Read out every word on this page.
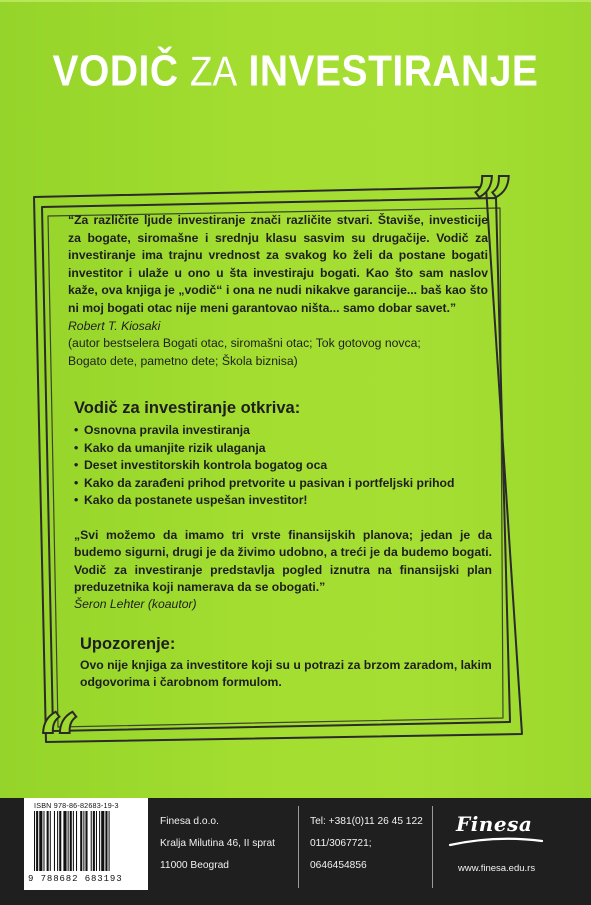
VODIČ ZA INVESTIRANJE
”
“

“Za različite ljude investiranje znači različite stvari. Štaviše, investicije za bogate, siromašne i srednju klasu sasvim su drugačije. Vodič za investiranje ima trajnu vrednost za svakog ko želi da postane bogati investitor i ulaže u ono u šta investiraju bogati. Kao što sam naslov kaže, ova knjiga je „vodič“ i ona ne nudi nikakve garancije... baš kao što ni moj bogati otac nije meni garantovao ništa... samo dobar savet.”

Robert T. Kiosaki

(autor bestselera Bogati otac, siromašni otac; Tok gotovog novca;

Bogato dete, pametno dete; Škola biznisa)

Vodič za investiranje otkriva:
• Osnovna pravila investiranja
• Kako da umanjite rizik ulaganja
• Deset investitorskih kontrola bogatog oca
• Kako da zarađeni prihod pretvorite u pasivan i portfeljski prihod
• Kako da postanete uspešan investitor!

„Svi možemo da imamo tri vrste finansijskih planova; jedan je da budemo sigurni, drugi je da živimo udobno, a treći je da budemo bogati. Vodič za investiranje predstavlja pogled iznutra na finansijski plan preduzetnika koji namerava da se obogati.”

Šeron Lehter (koautor)

Upozorenje:

Ovo nije knjiga za investitore koji su u potrazi za brzom zaradom, lakim odgovorima i čarobnom formulom.

ISBN 978-86-82683-19-3
9 788682 683193
Finesa d.o.o.
Kralja Milutina 46, II sprat
11000 Beograd
Tel: +381(0)11 26 45 122
011/3067721;
0646454856
Finesa
www.finesa.edu.rs
